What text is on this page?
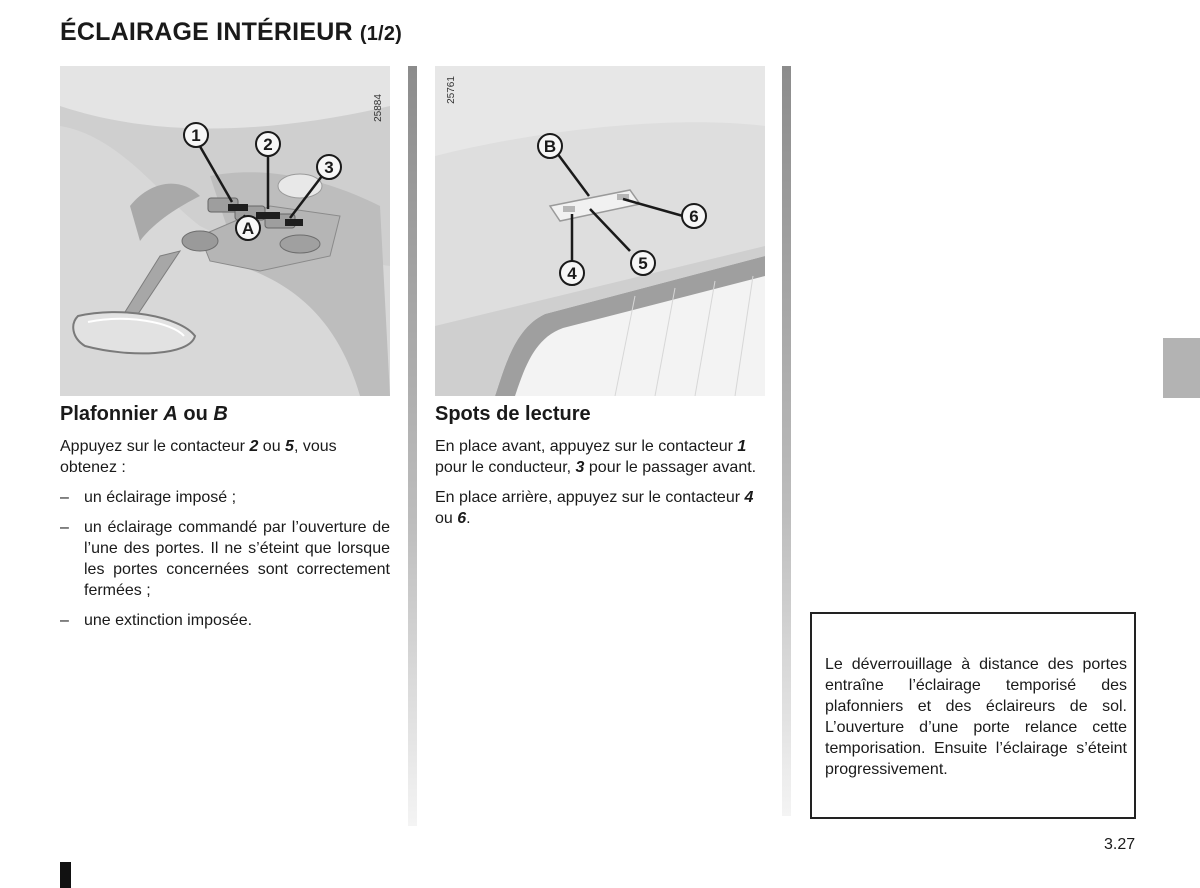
ÉCLAIRAGE INTÉRIEUR (1/2)
1	2
3
A
25884
B
6
5
4
25761
Plafonnier A ou B

Appuyez sur le contacteur 2 ou 5, vous obtenez :

– un éclairage imposé ;
– un éclairage commandé par l’ouverture de l’une des portes. Il ne s’éteint que lorsque les portes concernées sont correctement fermées ;
– une extinction imposée.
Spots de lecture

En place avant, appuyez sur le contacteur 1 pour le conducteur, 3 pour le passager avant.

En place arrière, appuyez sur le contacteur 4 ou 6.

Le déverrouillage à distance des portes entraîne l’éclairage temporisé des plafonniers et des éclaireurs de sol. L’ouverture d’une porte relance cette temporisation. Ensuite l’éclairage s’éteint progressivement.
3.27
